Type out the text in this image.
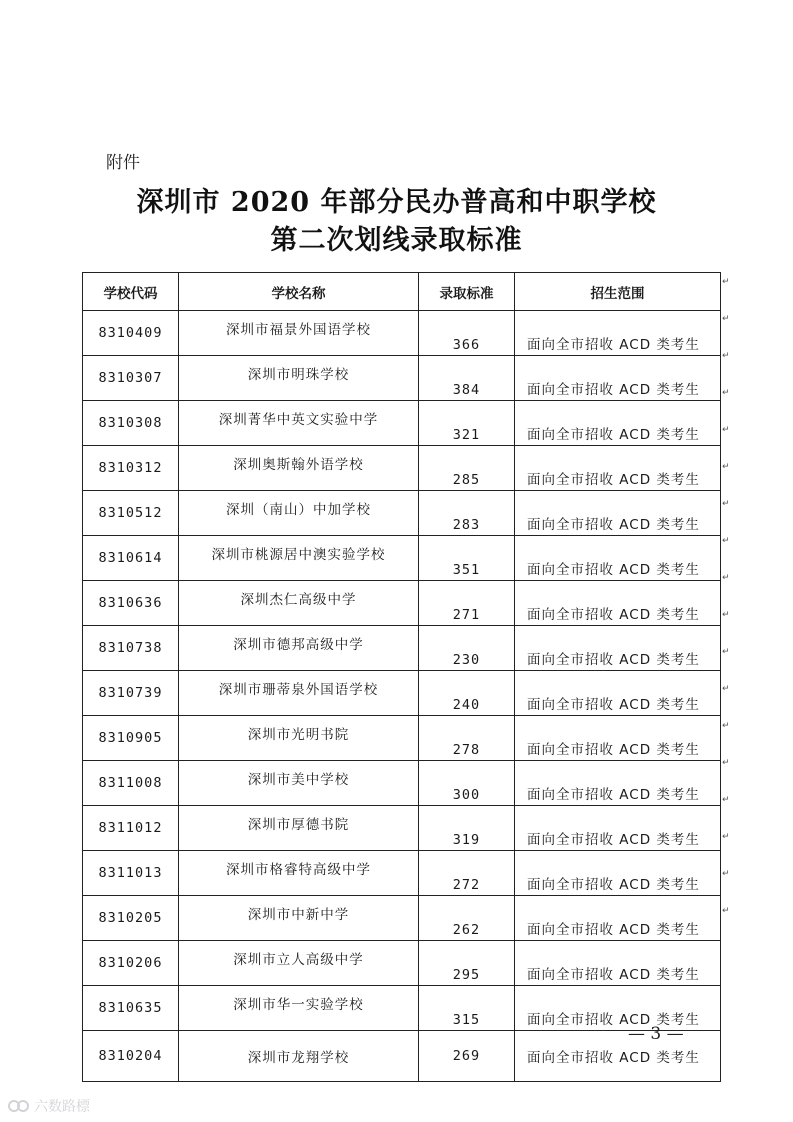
附件
深圳市 2020 年部分民办普高和中职学校
第二次划线录取标准
学校代码	学校名称	录取标准	招生范围
8310409	深圳市福景外国语学校	366	面向全市招收 ACD 类考生
8310307	深圳市明珠学校	384	面向全市招收 ACD 类考生
8310308	深圳菁华中英文实验中学	321	面向全市招收 ACD 类考生
8310312	深圳奥斯翰外语学校	285	面向全市招收 ACD 类考生
8310512	深圳（南山）中加学校	283	面向全市招收 ACD 类考生
8310614	深圳市桃源居中澳实验学校	351	面向全市招收 ACD 类考生
8310636	深圳杰仁高级中学	271	面向全市招收 ACD 类考生
8310738	深圳市德邦高级中学	230	面向全市招收 ACD 类考生
8310739	深圳市珊蒂泉外国语学校	240	面向全市招收 ACD 类考生
8310905	深圳市光明书院	278	面向全市招收 ACD 类考生
8311008	深圳市美中学校	300	面向全市招收 ACD 类考生
8311012	深圳市厚德书院	319	面向全市招收 ACD 类考生
8311013	深圳市格睿特高级中学	272	面向全市招收 ACD 类考生
8310205	深圳市中新中学	262	面向全市招收 ACD 类考生
8310206	深圳市立人高级中学	295	面向全市招收 ACD 类考生
8310635	深圳市华一实验学校	315	面向全市招收 ACD 类考生
8310204	深圳市龙翔学校	269	面向全市招收 ACD 类考生
↵
↵
↵
↵
↵
↵
↵
↵
↵
↵
↵
↵
↵
↵
↵
↵
↵
↵
— 3 —
六数路標
